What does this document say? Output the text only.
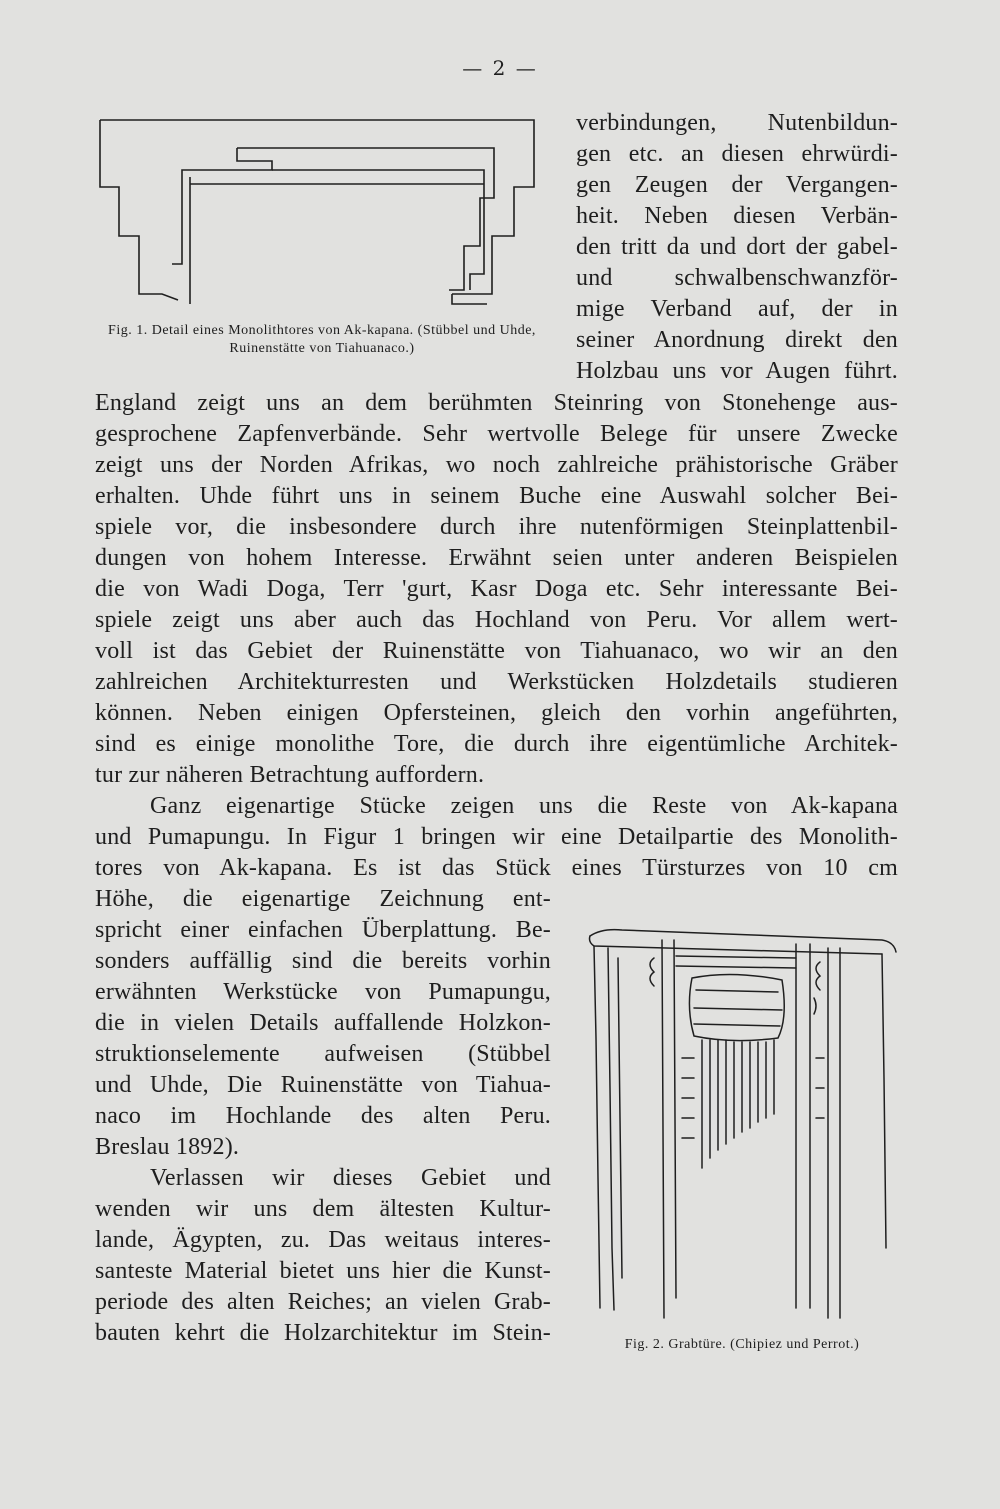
— 2 —
Fig. 1. Detail eines Monolithtores von Ak-kapana. (Stübbel und Uhde, Ruinenstätte von Tiahuanaco.)

verbindungen, Nutenbildun-
gen etc. an diesen ehrwürdi-
gen Zeugen der Vergangen-
heit. Neben diesen Verbän-
den tritt da und dort der gabel-
und schwalbenschwanzför-
mige Verband auf, der in
seiner Anordnung direkt den
Holzbau uns vor Augen führt.

England zeigt uns an dem berühmten Steinring von Stonehenge aus-
gesprochene Zapfenverbände. Sehr wertvolle Belege für unsere Zwecke
zeigt uns der Norden Afrikas, wo noch zahlreiche prähistorische Gräber
erhalten. Uhde führt uns in seinem Buche eine Auswahl solcher Bei-
spiele vor, die insbesondere durch ihre nutenförmigen Steinplattenbil-
dungen von hohem Interesse. Erwähnt seien unter anderen Beispielen
die von Wadi Doga, Terr 'gurt, Kasr Doga etc. Sehr interessante Bei-
spiele zeigt uns aber auch das Hochland von Peru. Vor allem wert-
voll ist das Gebiet der Ruinenstätte von Tiahuanaco, wo wir an den
zahlreichen Architekturresten und Werkstücken Holzdetails studieren
können. Neben einigen Opfersteinen, gleich den vorhin angeführten,
sind es einige monolithe Tore, die durch ihre eigentümliche Architek-
tur zur näheren Betrachtung auffordern.
Ganz eigenartige Stücke zeigen uns die Reste von Ak-kapana
und Pumapungu. In Figur 1 bringen wir eine Detailpartie des Monolith-
tores von Ak-kapana. Es ist das Stück eines Türsturzes von 10 cm

Höhe, die eigenartige Zeichnung ent-
spricht einer einfachen Überplattung. Be-
sonders auffällig sind die bereits vorhin
erwähnten Werkstücke von Pumapungu,
die in vielen Details auffallende Holzkon-
struktionselemente aufweisen (Stübbel
und Uhde, Die Ruinenstätte von Tiahua-
naco im Hochlande des alten Peru.
Breslau 1892).
Verlassen wir dieses Gebiet und
wenden wir uns dem ältesten Kultur-
lande, Ägypten, zu. Das weitaus interes-
santeste Material bietet uns hier die Kunst-
periode des alten Reiches; an vielen Grab-
bauten kehrt die Holzarchitektur im Stein-	Fig. 2. Grabtüre. (Chipiez und Perrot.)
